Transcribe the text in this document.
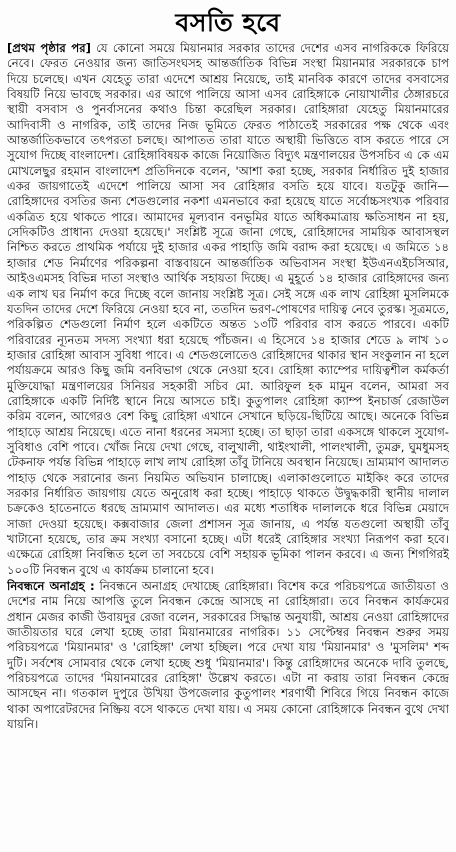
বসতি হবে

[প্রথম পৃষ্ঠার পর] যে কোনো সময়ে মিয়ানমার সরকার তাদের দেশের এসব নাগরিককে ফিরিয়ে নেবে। ফেরত নেওয়ার জন্য জাতিসংঘসহ আন্তর্জাতিক বিভিন্ন সংস্থা মিয়ানমার সরকারকে চাপ দিয়ে চলেছে। এখন যেহেতু তারা এদেশে আশ্রয় নিয়েছে, তাই মানবিক কারণে তাদের বসবাসের বিষয়টি নিয়ে ভাবছে সরকার। এর আগে পালিয়ে আসা এসব রোহিঙ্গাকে নোয়াখালীর ঠেঙ্গারচরে স্থায়ী বসবাস ও পুনর্বাসনের কথাও চিন্তা করেছিল সরকার। রোহিঙ্গারা যেহেতু মিয়ানমারের আদিবাসী ও নাগরিক, তাই তাদের নিজ ভূমিতে ফেরত পাঠাতেই সরকারের পক্ষ থেকে এবং আন্তর্জাতিকভাবে তৎপরতা চলছে। আপাতত তারা যাতে অস্থায়ী ভিত্তিতে বাস করতে পারে সে সুযোগ দিচ্ছে বাংলাদেশ। রোহিঙ্গাবিষয়ক কাজে নিয়োজিত বিদ্যুৎ মন্ত্রণালয়ের উপসচিব এ কে এম মোখলেছুর রহমান বাংলাদেশ প্রতিদিনকে বলেন, 'আশা করা হচ্ছে, সরকার নির্ধারিত দুই হাজার একর জায়গাতেই এদেশে পালিয়ে আসা সব রোহিঙ্গার বসতি হয়ে যাবে। যতটুকু জানি— রোহিঙ্গাদের বসতির জন্য শেডগুলোর নকশা এমনভাবে করা হয়েছে যাতে সর্বোচ্চসংখ্যক পরিবার একত্রিত হয়ে থাকতে পারে। আমাদের মূল্যবান বনভূমির যাতে অধিকমাত্রায় ক্ষতিসাধন না হয়, সেদিকটিও প্রাধান্য দেওয়া হয়েছে।' সংশ্লিষ্ট সূত্রে জানা গেছে, রোহিঙ্গাদের সাময়িক আবাসস্থল নিশ্চিত করতে প্রাথমিক পর্যায়ে দুই হাজার একর পাহাড়ি জমি বরাদ্দ করা হয়েছে। এ জমিতে ১৪ হাজার শেড নির্মাণের পরিকল্পনা বাস্তবায়নে আন্তর্জাতিক অভিবাসন সংস্থা ইউএনএইচসিআর, আইওএমসহ বিভিন্ন দাতা সংস্থাও আর্থিক সহায়তা দিচ্ছে। এ মুহূর্তে ১৪ হাজার রোহিঙ্গাদের জন্য এক লাখ ঘর নির্মাণ করে দিচ্ছে বলে জানায় সংশ্লিষ্ট সূত্র। সেই সঙ্গে এক লাখ রোহিঙ্গা মুসলিমকে যতদিন তাদের দেশে ফিরিয়ে নেওয়া হবে না, ততদিন ভরণ-পোষণের দায়িত্ব নেবে তুরস্ক। সূত্রমতে, পরিকল্পিত শেডগুলো নির্মাণ হলে একটিতে অন্তত ১৩টি পরিবার বাস করতে পারবে। একটি পরিবারের ন্যূনতম সদস্য সংখ্যা ধরা হয়েছে পাঁচজন। এ হিসেবে ১৪ হাজার শেডে ৯ লাখ ১০ হাজার রোহিঙ্গা আবাস সুবিধা পাবে। এ শেডগুলোতেও রোহিঙ্গাদের থাকার স্থান সংকুলান না হলে পর্যায়ক্রমে আরও কিছু জমি বনবিভাগ থেকে নেওয়া হবে। রোহিঙ্গা ক্যাম্পের দায়িত্বশীল কর্মকর্তা মুক্তিযোদ্ধা মন্ত্রণালয়ের সিনিয়র সহকারী সচিব মো. আরিফুল হক মামুন বলেন, আমরা সব রোহিঙ্গাকে একটি নির্দিষ্ট স্থানে নিয়ে আসতে চাই। কুতুপালং রোহিঙ্গা ক্যাম্প ইনচার্জ রেজাউল করিম বলেন, আগেরও বেশ কিছু রোহিঙ্গা এখানে সেখানে ছড়িয়ে-ছিটিয়ে আছে। অনেকে বিভিন্ন পাহাড়ে আশ্রয় নিয়েছে। এতে নানা ধরনের সমস্যা হচ্ছে। তা ছাড়া তারা একসঙ্গে থাকলে সুযোগ-সুবিধাও বেশি পাবে। খোঁজ নিয়ে দেখা গেছে, বালুখালী, থাইংখালী, পালংখালী, তুমব্রু, ঘুমধুমসহ টেকনাফ পর্যন্ত বিভিন্ন পাহাড়ে লাখ লাখ রোহিঙ্গা তাঁবু টানিয়ে অবস্থান নিয়েছে। ভ্রাম্যমাণ আদালত পাহাড় থেকে সরানোর জন্য নিয়মিত অভিযান চালাচ্ছে। এলাকাগুলোতে মাইকিং করে তাদের সরকার নির্ধারিত জায়গায় যেতে অনুরোধ করা হচ্ছে। পাহাড়ে থাকতে উদ্বুদ্ধকারী স্থানীয় দালাল চক্রকেও হাতেনাতে ধরছে ভ্রাম্যমাণ আদালত। এর মধ্যে শতাধিক দালালকে ধরে বিভিন্ন মেয়াদে সাজা দেওয়া হয়েছে। কক্সবাজার জেলা প্রশাসন সূত্র জানায়, এ পর্যন্ত যতগুলো অস্থায়ী তাঁবু খাটানো হয়েছে, তার ক্রম সংখ্যা বসানো হচ্ছে। এটা ধরেই রোহিঙ্গার সংখ্যা নিরূপণ করা হবে। এক্ষেত্রে রোহিঙ্গা নিবন্ধিত হলে তা সবচেয়ে বেশি সহায়ক ভূমিকা পালন করবে। এ জন্য শিগগিরই ১০০টি নিবন্ধন বুথে এ কার্যক্রম চালানো হবে।

নিবন্ধনে অনাগ্রহ : নিবন্ধনে অনাগ্রহ দেখাচ্ছে রোহিঙ্গারা। বিশেষ করে পরিচয়পত্রে জাতীয়তা ও দেশের নাম নিয়ে আপত্তি তুলে নিবন্ধন কেন্দ্রে আসছে না রোহিঙ্গারা। তবে নিবন্ধন কার্যক্রমের প্রধান মেজর কাজী উবায়দুর রেজা বলেন, সরকারের সিদ্ধান্ত অনুযায়ী, আশ্রয় নেওয়া রোহিঙ্গাদের জাতীয়তার ঘরে লেখা হচ্ছে তারা মিয়ানমারের নাগরিক। ১১ সেপ্টেম্বর নিবন্ধন শুরুর সময় পরিচয়পত্রে 'মিয়ানমার' ও 'রোহিঙ্গা' লেখা হচ্ছিল। পরে দেখা যায় 'মিয়ানমার' ও 'মুসলিম' শব্দ দুটি। সর্বশেষ সোমবার থেকে লেখা হচ্ছে শুধু 'মিয়ানমার'। কিন্তু রোহিঙ্গাদের অনেকে দাবি তুলছে, পরিচয়পত্রে তাদের 'মিয়ানমারের রোহিঙ্গা' উল্লেখ করতে। এটা না করায় তারা নিবন্ধন কেন্দ্রে আসছেন না। গতকাল দুপুরে উখিয়া উপজেলার কুতুপালং শরণার্থী শিবিরে গিয়ে নিবন্ধন কাজে থাকা অপারেটরদের নিষ্ক্রিয় বসে থাকতে দেখা যায়। এ সময় কোনো রোহিঙ্গাকে নিবন্ধন বুথে দেখা যায়নি।
